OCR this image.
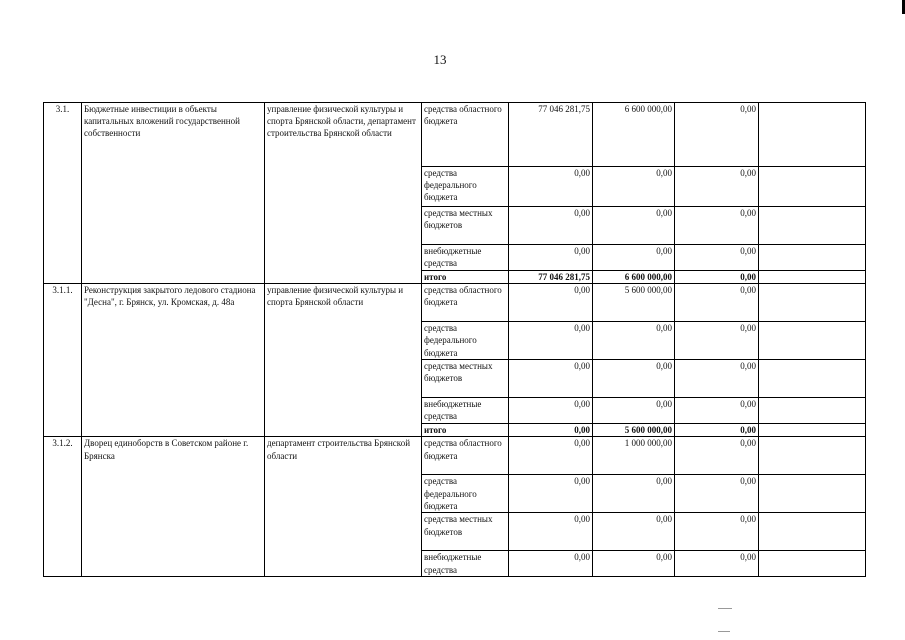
13
3.1.	Бюджетные инвестиции в объекты капитальных вложений государственной собственности	управление физической культуры и спорта Брянской области, департамент строительства Брянской области	средства областного бюджета	77 046 281,75	6 600 000,00	0,00	
			средства федерального бюджета	0,00	0,00	0,00	
			средства местных бюджетов	0,00	0,00	0,00	
			внебюджетные средства	0,00	0,00	0,00	
			итого	77 046 281,75	6 600 000,00	0,00	
3.1.1.	Реконструкция закрытого ледового стадиона "Десна", г. Брянск, ул. Кромская, д. 48а	управление физической культуры и спорта Брянской области	средства областного бюджета	0,00	5 600 000,00	0,00	
			средства федерального бюджета	0,00	0,00	0,00	
			средства местных бюджетов	0,00	0,00	0,00	
			внебюджетные средства	0,00	0,00	0,00	
			итого	0,00	5 600 000,00	0,00	
3.1.2.	Дворец единоборств в Советском районе г. Брянска	департамент строительства Брянской области	средства областного бюджета	0,00	1 000 000,00	0,00	
			средства федерального бюджета	0,00	0,00	0,00	
			средства местных бюджетов	0,00	0,00	0,00	
			внебюджетные средства	0,00	0,00	0,00	
